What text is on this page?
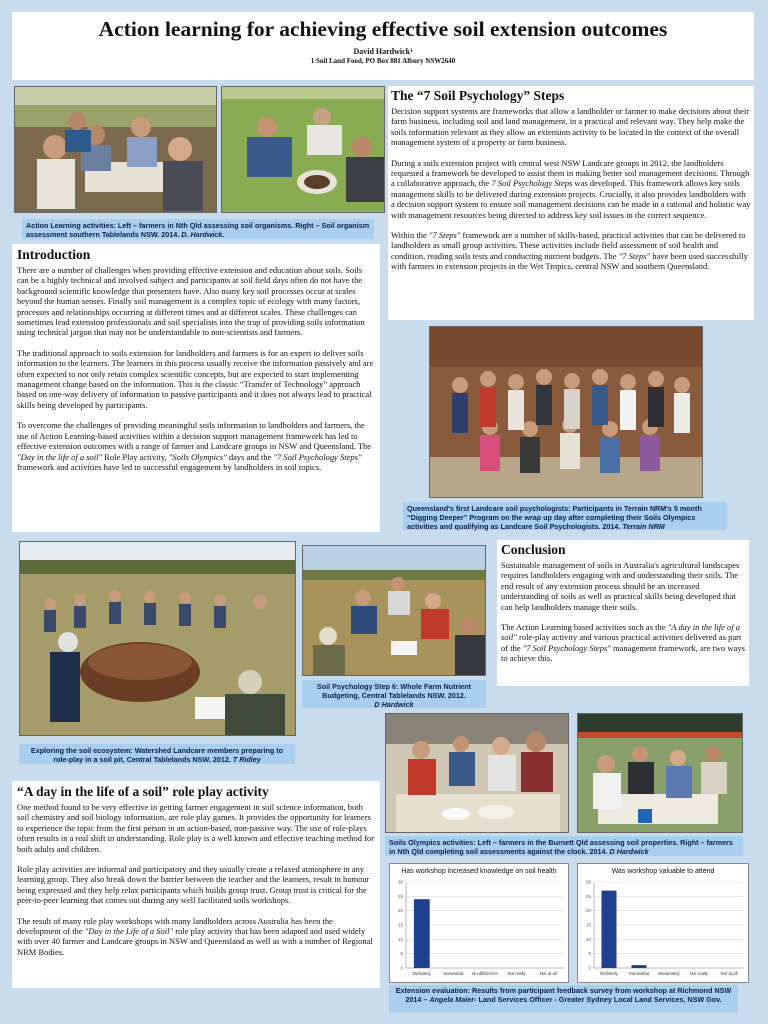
Action learning for achieving effective soil extension outcomes
David Hardwick¹
1 Soil Land Food, PO Box 881 Albury NSW2640
Action Learning activities: Left – farmers in Nth Qld assessing soil organisms. Right – Soil organism assessment southern Tablelands NSW. 2014. D. Hardwick.
Introduction

There are a number of challenges when providing effective extension and education about soils. Soils can be a highly technical and involved subject and participants at soil field days often do not have the background scientific knowledge that presenters have. Also many key soil processes occur at scales beyond the human senses. Finally soil management is a complex topic of ecology with many factors, processes and relationships occurring at different times and at different scales. These challenges can sometimes lead extension professionals and soil specialists into the trap of providing soils information using technical jargon that may not be understandable to non-scientists and farmers.

The traditional approach to soils extension for landholders and farmers is for an expert to deliver soils information to the learners. The learners in this process usually receive the information passively and are often expected to not only retain complex scientific concepts, but are expected to start implementing management change based on the information. This is the classic “Transfer of Technology” approach based on one-way delivery of information to passive participants and it does not always lead to practical skills being developed by participants.

To overcome the challenges of providing meaningful soils information to landholders and farmers, the use of Action Learning-based activities within a decision support management framework has led to effective extension outcomes with a range of farmer and Landcare groups in NSW and Queensland. The "Day in the life of a soil" Role Play activity, "Soils Olympics" days and the "7 Soil Psychology Steps" framework and activities have led to successful engagement by landholders in soil topics.

The “7 Soil Psychology” Steps

Decision support systems are frameworks that allow a landholder or farmer to make decisions about their farm business, including soil and land management, in a practical and relevant way. They help make the soils information relevant as they allow an extension activity to be located in the context of the overall management system of a property or farm business.

During a soils extension project with central west NSW Landcare groups in 2012, the landholders requested a framework be developed to assist them in making better soil management decisions. Through a collaborative approach, the 7 Soil Psychology Steps was developed. This framework allows key soils management skills to be delivered during extension projects. Crucially, it also provides landholders with a decision support system to ensure soil management decisions can be made in a rational and holistic way with management resources being directed to address key soil issues in the correct sequence.

Within the "7 Steps" framework are a number of skills-based, practical activities that can be delivered to landholders as small group activities. These activities include field assessment of soil health and condition, reading soils tests and conducting nutrient budgets. The "7 Steps" have been used successfully with farmers in extension projects in the Wet Tropics, central NSW and southern Queensland.

Queensland's first Landcare soil psychologists: Participants in Terrain NRM's 5 month “Digging Deeper” Program on the wrap up day after completing their Soils Olympics activities and qualifying as Landcare Soil Psychologists. 2014. Terrain NRM
Exploring the soil ecosystem: Watershed Landcare members preparing to role-play in a soil pit, Central Tablelands NSW. 2012. T Ridley
Soil Psychology Step 6: Whole Farm Nutrient Budgeting, Central Tablelands NSW. 2012.
D Hardwick
Conclusion

Sustainable management of soils in Australia's agricultural landscapes requires landholders engaging with and understanding their soils. The end result of any extension process should be an increased understanding of soils as well as practical skills being developed that can help landholders manage their soils.

The Action Learning based activities such as the "A day in the life of a soil" role-play activity and various practical activities delivered as part of the "7 Soil Psychology Steps" management framework, are two ways to achieve this.

“A day in the life of a soil” role play activity

One method found to be very effective in getting farmer engagement in soil science information, both soil chemistry and soil biology information, are role play games. It provides the opportunity for learners to experience the topic from the first person in an action-based, non-passive way. The use of role-plays often results in a real shift in understanding. Role play is a well known and effective teaching method for both adults and children.

Role play activities are informal and participatory and they usually create a relaxed atmosphere in any learning group. They also break down the barrier between the teacher and the learners, result in humour being expressed and they help relax participants which builds group trust. Group trust is critical for the peer-to-peer learning that comes out during any well facilitated soils workshops.

The result of many role play workshops with many landholders across Australia has been the development of the "Day in the Life of a Soil" role play activity that has been adapted and used widely with over 40 farmer and Landcare groups in NSW and Queensland as well as with a number of Regional NRM Bodies.

Soils Olympics activities: Left – farmers in the Burnett Qld assessing soil properties. Right – farmers in Nth Qld completing soil assessments against the clock. 2014. D Hardwick
Has workshop increased knowledge on soil health
0
5
10
15
20
25
30
Definitely	Somewhat No difference Not really	Not at all
Was workshop valuable to attend
0
5
10
15
20
25
30
Definitely	Somewhat Moderately Not really	Not at all
Extension evaluation: Results from participant feedback survey from workshop at Richmond NSW 2014 – Angela Maier- Land Services Officer - Greater Sydney Local Land Services, NSW Gov.
